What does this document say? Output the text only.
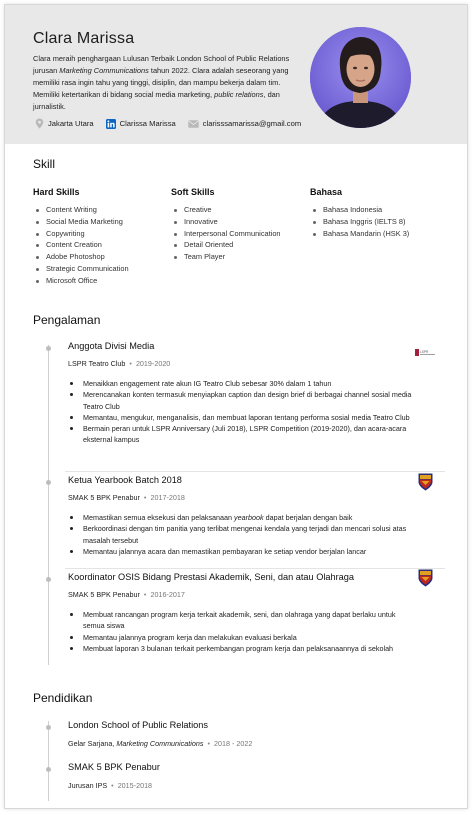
Clara Marissa

Clara meraih penghargaan Lulusan Terbaik London School of Public Relations jurusan Marketing Communications tahun 2022. Clara adalah seseorang yang memiliki rasa ingin tahu yang tinggi, disiplin, dan mampu bekerja dalam tim.

Memiliki ketertarikan di bidang social media marketing, public relations, dan jurnalistik.

Jakarta Utara	Clarissa Marissa	clarisssamarissa@gmail.com
Skill
Hard Skills
Content Writing
Social Media Marketing
Copywriting
Content Creation
Adobe Photoshop
Strategic Communication
Microsoft Office
Soft Skills
Creative
Innovative
Interpersonal Communication
Detail Oriented
Team Player
Bahasa
Bahasa Indonesia
Bahasa Inggris (IELTS 8)
Bahasa Mandarin (HSK 3)
Pengalaman
Anggota Divisi Media
LSPR Teatro Club • 2019-2020
LSPR
Menaikkan engagement rate akun IG Teatro Club sebesar 30% dalam 1 tahun
Merencanakan konten termasuk menyiapkan caption dan design brief di berbagai channel sosial media Teatro Club
Memantau, mengukur, menganalisis, dan membuat laporan tentang performa sosial media Teatro Club
Bermain peran untuk LSPR Anniversary (Juli 2018), LSPR Competition (2019-2020), dan acara-acara eksternal kampus
Ketua Yearbook Batch 2018
SMAK 5 BPK Penabur • 2017-2018
Memastikan semua eksekusi dan pelaksanaan yearbook dapat berjalan dengan baik
Berkoordinasi dengan tim panitia yang terlibat mengenai kendala yang terjadi dan mencari solusi atas masalah tersebut
Memantau jalannya acara dan memastikan pembayaran ke setiap vendor berjalan lancar
Koordinator OSIS Bidang Prestasi Akademik, Seni, dan atau Olahraga
SMAK 5 BPK Penabur • 2016-2017
Membuat rancangan program kerja terkait akademik, seni, dan olahraga yang dapat berlaku untuk semua siswa
Memantau jalannya program kerja dan melakukan evaluasi berkala
Membuat laporan 3 bulanan terkait perkembangan program kerja dan pelaksanaannya di sekolah
Pendidikan
London School of Public Relations
Gelar Sarjana, Marketing Communications • 2018 - 2022
SMAK 5 BPK Penabur
Jurusan IPS • 2015-2018
